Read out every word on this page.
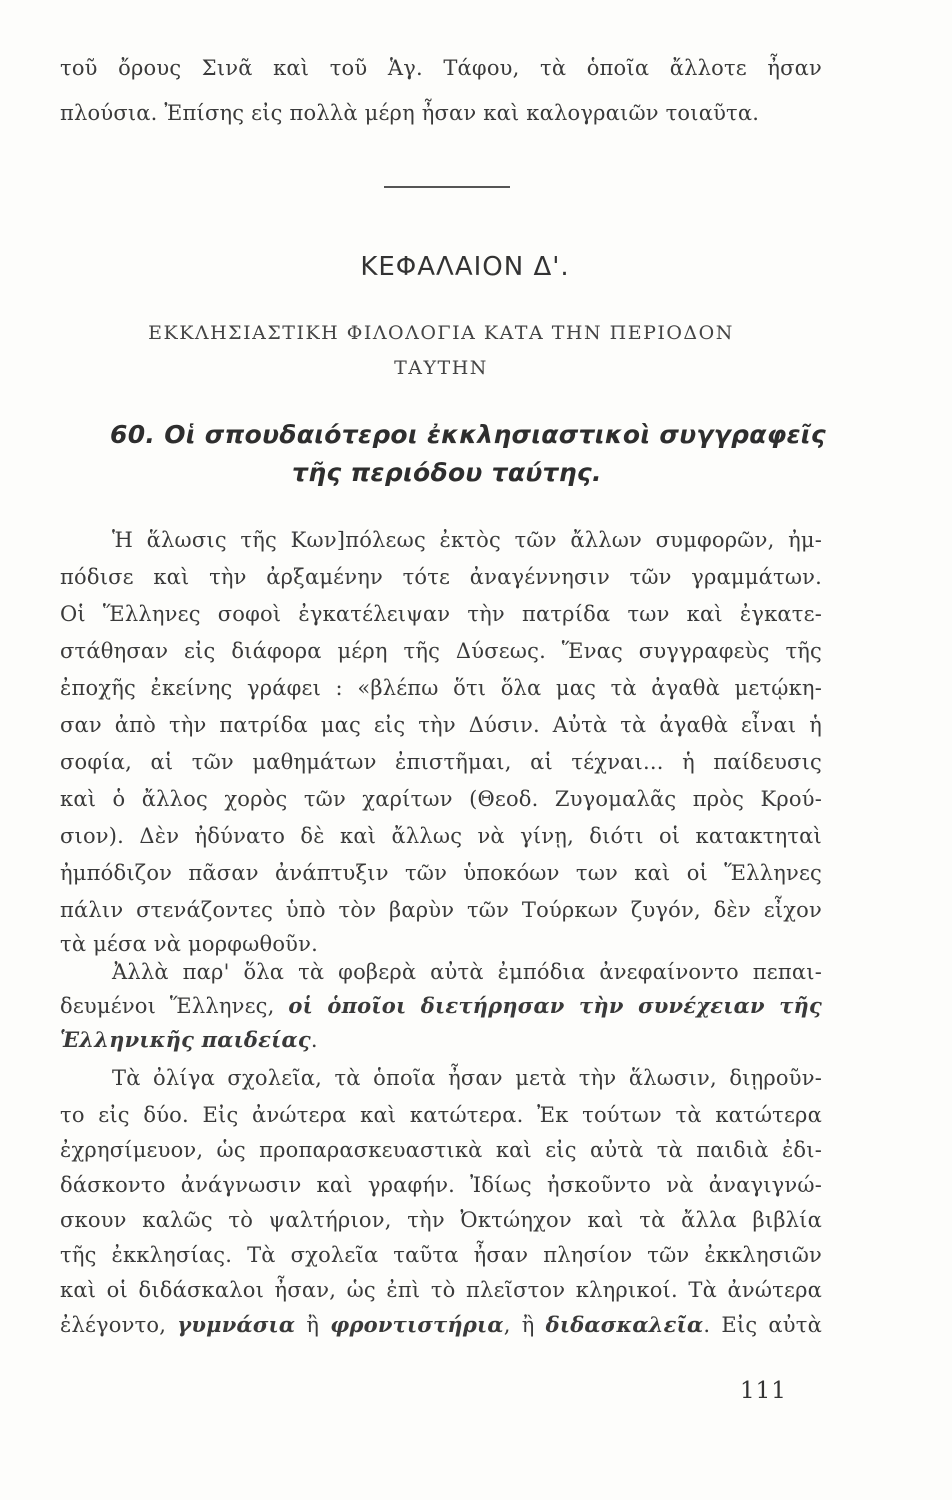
τοῦ ὄρους Σινᾶ καὶ τοῦ Ἁγ. Τάφου, τὰ ὁποῖα ἄλλοτε ἦσαν
πλούσια. Ἐπίσης εἰς πολλὰ μέρη ἦσαν καὶ καλογραιῶν τοιαῦτα.
ΚΕΦΑΛΑΙΟΝ Δ'.
ΕΚΚΛΗΣΙΑΣΤΙΚΗ ΦΙΛΟΛΟΓΙΑ ΚΑΤΑ ΤΗΝ ΠΕΡΙΟΔΟΝ
ΤΑΥΤΗΝ
60. Οἱ σπουδαιότεροι ἐκκλησιαστικοὶ συγγραφεῖς
τῆς περιόδου ταύτης.
Ἡ ἅλωσις τῆς Κων]πόλεως ἐκτὸς τῶν ἄλλων συμφορῶν, ἠμ-
πόδισε καὶ τὴν ἀρξαμένην τότε ἀναγέννησιν τῶν γραμμάτων.
Οἱ Ἕλληνες σοφοὶ ἐγκατέλειψαν τὴν πατρίδα των καὶ ἐγκατε-
στάθησαν εἰς διάφορα μέρη τῆς Δύσεως. Ἕνας συγγραφεὺς τῆς
ἐποχῆς ἐκείνης γράφει : «βλέπω ὅτι ὅλα μας τὰ ἀγαθὰ μετῴκη-
σαν ἀπὸ τὴν πατρίδα μας εἰς τὴν Δύσιν. Αὐτὰ τὰ ἀγαθὰ εἶναι ἡ
σοφία, αἱ τῶν μαθημάτων ἐπιστῆμαι, αἱ τέχναι... ἡ παίδευσις
καὶ ὁ ἄλλος χορὸς τῶν χαρίτων (Θεοδ. Ζυγομαλᾶς πρὸς Κρού-
σιον). Δὲν ἠδύνατο δὲ καὶ ἄλλως νὰ γίνῃ, διότι οἱ κατακτηταὶ
ἠμπόδιζον πᾶσαν ἀνάπτυξιν τῶν ὑποκόων των καὶ οἱ Ἕλληνες
πάλιν στενάζοντες ὑπὸ τὸν βαρὺν τῶν Τούρκων ζυγόν, δὲν εἶχον
τὰ μέσα νὰ μορφωθοῦν.
Ἀλλὰ παρ' ὅλα τὰ φοβερὰ αὐτὰ ἐμπόδια ἀνεφαίνοντο πεπαι-
δευμένοι Ἕλληνες, οἱ ὁποῖοι διετήρησαν τὴν συνέχειαν τῆς
Ἑλληνικῆς παιδείας.
Τὰ ὀλίγα σχολεῖα, τὰ ὁποῖα ἦσαν μετὰ τὴν ἅλωσιν, διῃροῦν-
το εἰς δύο. Εἰς ἀνώτερα καὶ κατώτερα. Ἐκ τούτων τὰ κατώτερα
ἐχρησίμευον, ὡς προπαρασκευαστικὰ καὶ εἰς αὐτὰ τὰ παιδιὰ ἐδι-
δάσκοντο ἀνάγνωσιν καὶ γραφήν. Ἰδίως ἠσκοῦντο νὰ ἀναγιγνώ-
σκουν καλῶς τὸ ψαλτήριον, τὴν Ὀκτώηχον καὶ τὰ ἄλλα βιβλία
τῆς ἐκκλησίας. Τὰ σχολεῖα ταῦτα ἦσαν πλησίον τῶν ἐκκλησιῶν
καὶ οἱ διδάσκαλοι ἦσαν, ὡς ἐπὶ τὸ πλεῖστον κληρικοί. Τὰ ἀνώτερα
ἐλέγοντο, γυμνάσια ἢ φροντιστήρια, ἢ διδασκαλεῖα. Εἰς αὐτὰ
111
